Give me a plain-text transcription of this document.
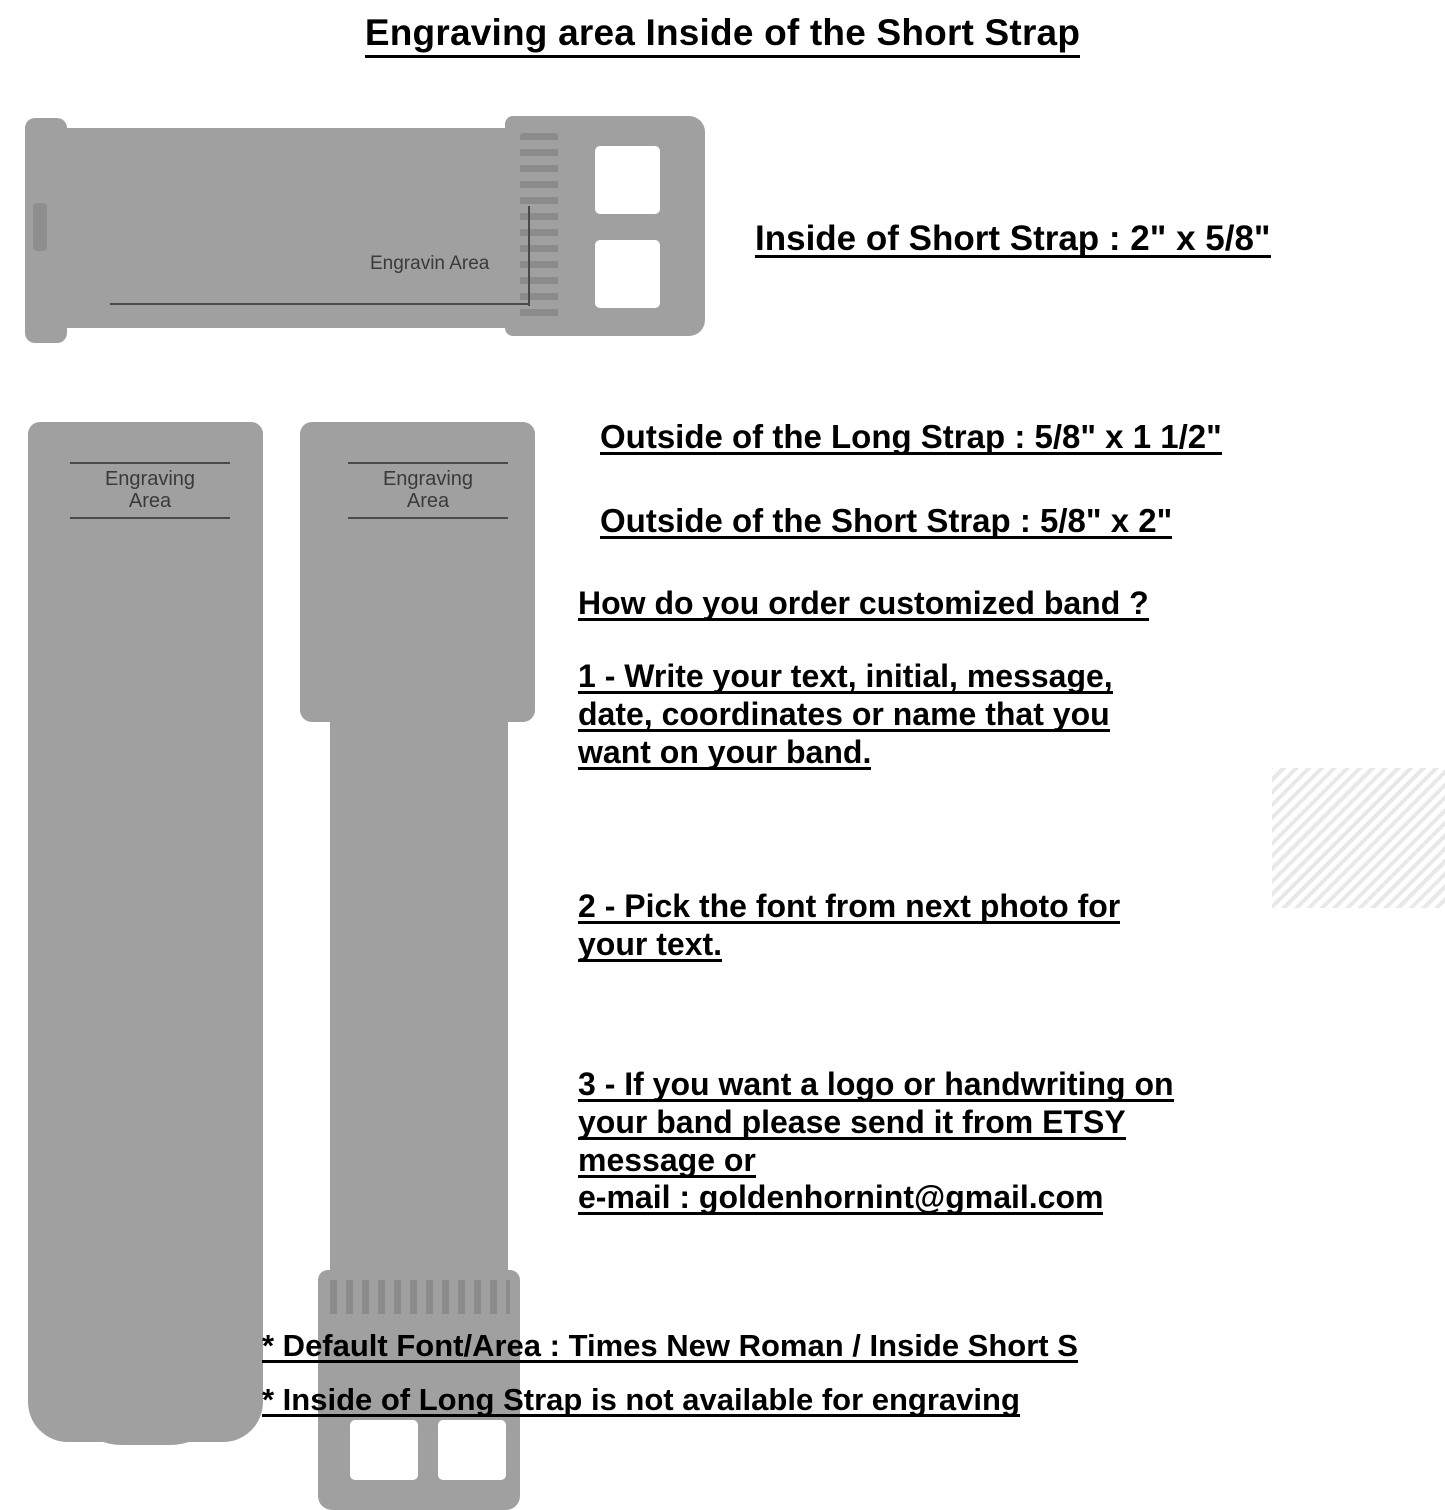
Engraving area Inside of the Short Strap
Engravin Area
Engraving
Area
Engraving
Area
Inside of Short Strap : 2" x 5/8"
Outside of the Long Strap : 5/8" x 1 1/2"
Outside of the Short Strap : 5/8" x 2"
How do you order customized band ?
1 - Write your text, initial, message,
date, coordinates or name that you
want on your band.
2 - Pick the font from next photo for
your text.
3 - If you want a logo or handwriting on
your band please send it from ETSY
message or
e-mail : goldenhornint@gmail.com
* Default Font/Area : Times New Roman / Inside Short S
* Inside of Long Strap is not available for engraving
